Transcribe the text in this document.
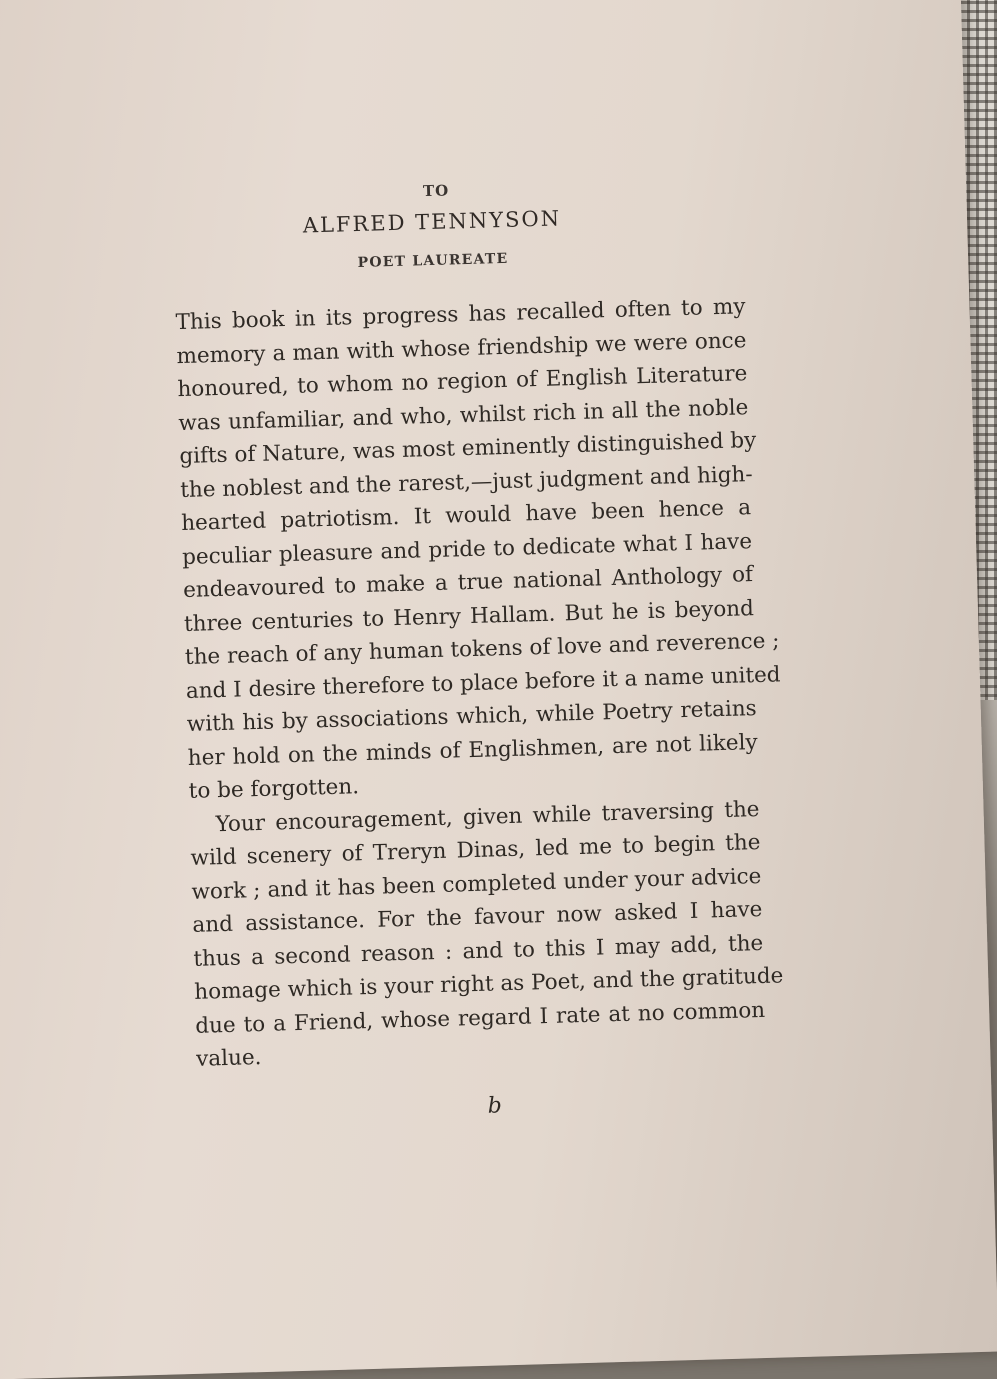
TO
ALFRED TENNYSON
POET LAUREATE
This book in its progress has recalled often to my
memory a man with whose friendship we were once
honoured, to whom no region of English Literature
was unfamiliar, and who, whilst rich in all the noble
gifts of Nature, was most eminently distinguished by
the noblest and the rarest,—just judgment and high-
hearted patriotism. It would have been hence a
peculiar pleasure and pride to dedicate what I have
endeavoured to make a true national Anthology of
three centuries to Henry Hallam. But he is beyond
the reach of any human tokens of love and reverence ;
and I desire therefore to place before it a name united
with his by associations which, while Poetry retains
her hold on the minds of Englishmen, are not likely
to be forgotten.
Your encouragement, given while traversing the
wild scenery of Treryn Dinas, led me to begin the
work ; and it has been completed under your advice
and assistance. For the favour now asked I have
thus a second reason : and to this I may add, the
homage which is your right as Poet, and the gratitude
due to a Friend, whose regard I rate at no common
value.
b
